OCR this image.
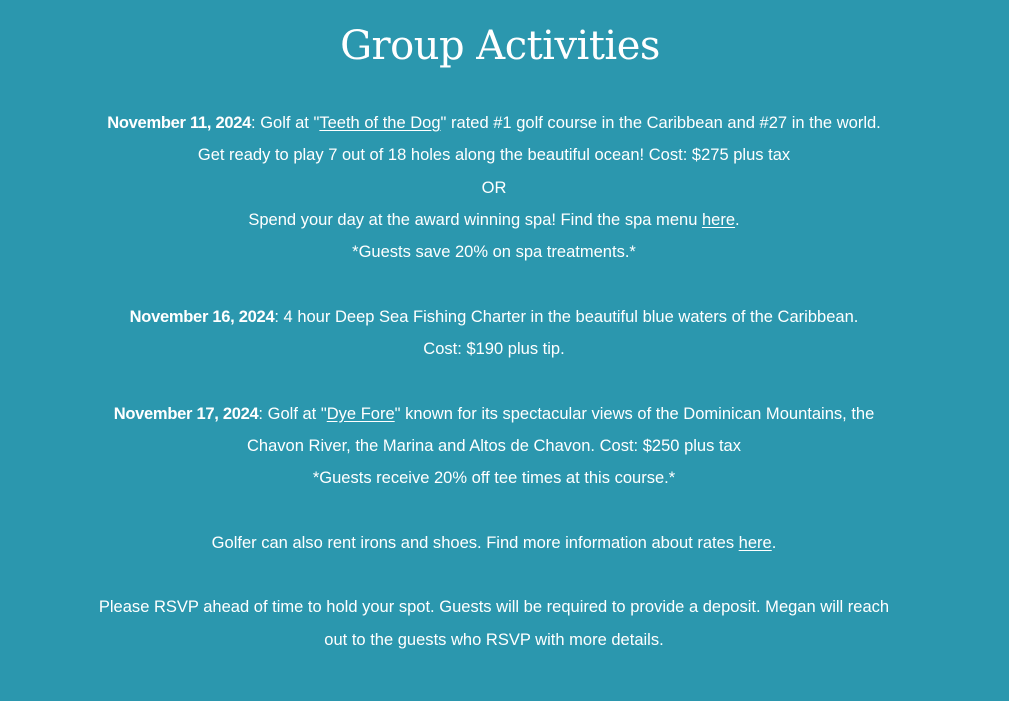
Group Activities
November 11, 2024: Golf at "Teeth of the Dog" rated #1 golf course in the Caribbean and #27 in the world.
Get ready to play 7 out of 18 holes along the beautiful ocean! Cost: $275 plus tax
OR
Spend your day at the award winning spa! Find the spa menu here.
*Guests save 20% on spa treatments.*
November 16, 2024: 4 hour Deep Sea Fishing Charter in the beautiful blue waters of the Caribbean.
Cost: $190 plus tip.
November 17, 2024: Golf at "Dye Fore" known for its spectacular views of the Dominican Mountains, the
Chavon River, the Marina and Altos de Chavon. Cost: $250 plus tax
*Guests receive 20% off tee times at this course.*
Golfer can also rent irons and shoes. Find more information about rates here.
Please RSVP ahead of time to hold your spot. Guests will be required to provide a deposit. Megan will reach
out to the guests who RSVP with more details.
